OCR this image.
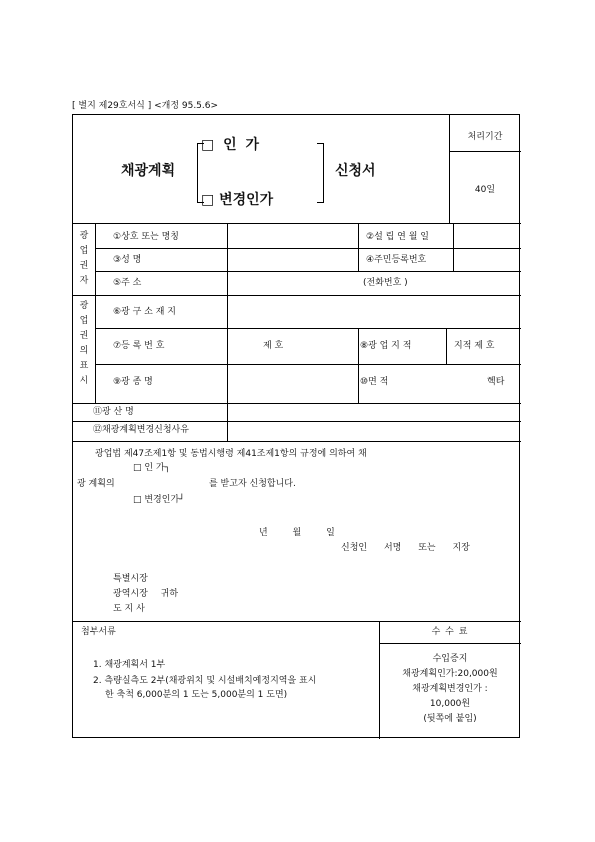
[ 별지 제29호서식 ] <개정 95.5.6>
처리기간
40일
채광계획
□ 인 가
□ 변경인가
신청서
광업권자
①상호 또는 명칭	②설 립 연 월 일
③성 명	④주민등록번호
⑤주 소	(전화번호 )
광업권의표시
⑥광 구 소 재 지
⑦등 록 번 호	제 호	⑧광 업 지 적	지적 제 호
⑨광 종 명	⑩면 적	헥타
⑪광 산 명
⑫채광계획변경신청사유
광업법 제47조제1항 및 동법시행령 제41조제1항의 규정에 의하여 채
□ 인 가┐
광 계획의	를 받고자 신청합니다.
□ 변경인가┘
년 월 일
신청인 서명 또는 지장
특별시장
광역시장 귀하
도 지 사
첨부서류
1. 채광계획서 1부
2. 측량실측도 2부(채광위치 및 시설배치예정지역을 표시
한 축척 6,000분의 1 도는 5,000분의 1 도면)
수 수 료
수입증지
채광계획인가:20,000원
채광계획변경인가 :
10,000원
(뒷쪽에 붙임)
